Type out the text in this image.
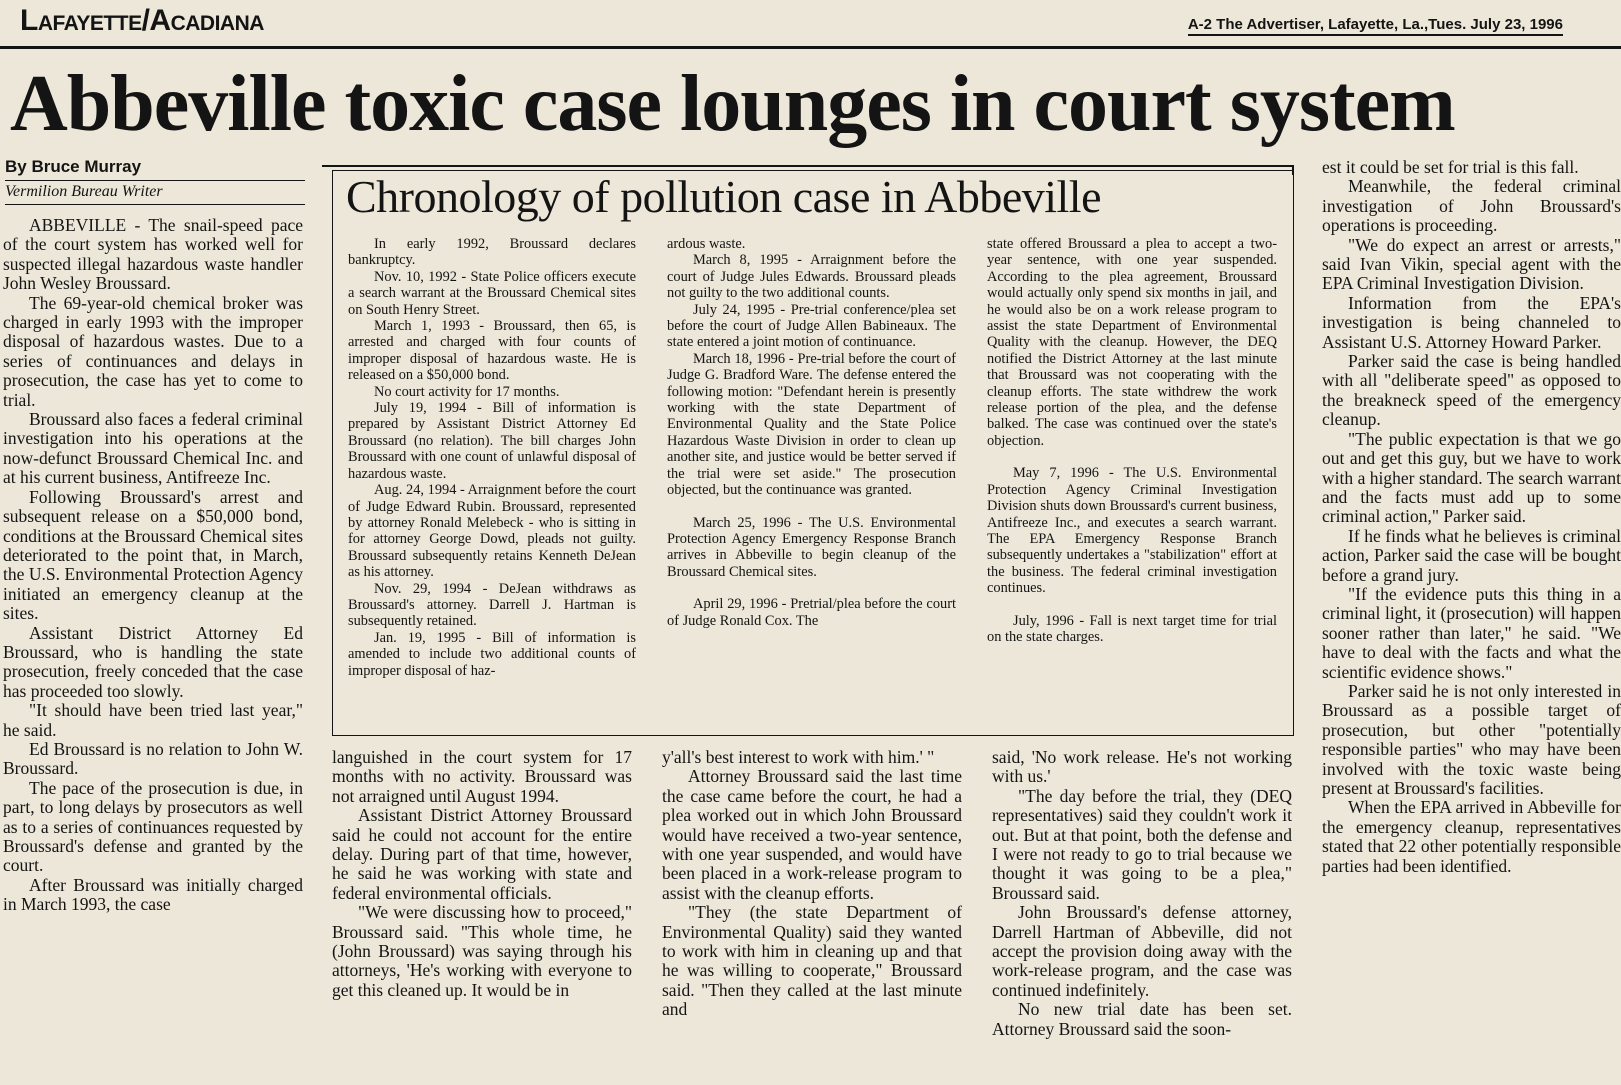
Lafayette/Acadiana	A-2 The Advertiser, Lafayette, La.,Tues. July 23, 1996
Abbeville toxic case lounges in court system
By Bruce Murray
Vermilion Bureau Writer

ABBEVILLE - The snail-speed pace of the court system has worked well for suspected illegal hazardous waste handler John Wesley Broussard.

The 69-year-old chemical broker was charged in early 1993 with the improper disposal of hazardous wastes. Due to a series of continuances and delays in prosecution, the case has yet to come to trial.

Broussard also faces a federal criminal investigation into his operations at the now-defunct Broussard Chemical Inc. and at his current business, Antifreeze Inc.

Following Broussard's arrest and subsequent release on a $50,000 bond, conditions at the Broussard Chemical sites deteriorated to the point that, in March, the U.S. Environmental Protection Agency initiated an emergency cleanup at the sites.

Assistant District Attorney Ed Broussard, who is handling the state prosecution, freely conceded that the case has proceeded too slowly.

"It should have been tried last year," he said.

Ed Broussard is no relation to John W. Broussard.

The pace of the prosecution is due, in part, to long delays by prosecutors as well as to a series of continuances requested by Broussard's defense and granted by the court.

After Broussard was initially charged in March 1993, the case

Chronology of pollution case in Abbeville

In early 1992, Broussard declares bankruptcy.

Nov. 10, 1992 - State Police officers execute a search warrant at the Broussard Chemical sites on South Henry Street.

March 1, 1993 - Broussard, then 65, is arrested and charged with four counts of improper disposal of hazardous waste. He is released on a $50,000 bond.

No court activity for 17 months.

July 19, 1994 - Bill of information is prepared by Assistant District Attorney Ed Broussard (no relation). The bill charges John Broussard with one count of unlawful disposal of hazardous waste.

Aug. 24, 1994 - Arraignment before the court of Judge Edward Rubin. Broussard, represented by attorney Ronald Melebeck - who is sitting in for attorney George Dowd, pleads not guilty. Broussard subsequently retains Kenneth DeJean as his attorney.

Nov. 29, 1994 - DeJean withdraws as Broussard's attorney. Darrell J. Hartman is subsequently retained.

Jan. 19, 1995 - Bill of information is amended to include two additional counts of improper disposal of haz-

ardous waste.

March 8, 1995 - Arraignment before the court of Judge Jules Edwards. Broussard pleads not guilty to the two additional counts.

July 24, 1995 - Pre-trial conference/plea set before the court of Judge Allen Babineaux. The state entered a joint motion of continuance.

March 18, 1996 - Pre-trial before the court of Judge G. Bradford Ware. The defense entered the following motion: "Defendant herein is presently working with the state Department of Environmental Quality and the State Police Hazardous Waste Division in order to clean up another site, and justice would be better served if the trial were set aside." The prosecution objected, but the continuance was granted.

March 25, 1996 - The U.S. Environmental Protection Agency Emergency Response Branch arrives in Abbeville to begin cleanup of the Broussard Chemical sites.

April 29, 1996 - Pretrial/plea before the court of Judge Ronald Cox. The

state offered Broussard a plea to accept a two-year sentence, with one year suspended. According to the plea agreement, Broussard would actually only spend six months in jail, and he would also be on a work release program to assist the state Department of Environmental Quality with the cleanup. However, the DEQ notified the District Attorney at the last minute that Broussard was not cooperating with the cleanup efforts. The state withdrew the work release portion of the plea, and the defense balked. The case was continued over the state's objection.

May 7, 1996 - The U.S. Environmental Protection Agency Criminal Investigation Division shuts down Broussard's current business, Antifreeze Inc., and executes a search warrant. The EPA Emergency Response Branch subsequently undertakes a "stabilization" effort at the business. The federal criminal investigation continues.

July, 1996 - Fall is next target time for trial on the state charges.

languished in the court system for 17 months with no activity. Broussard was not arraigned until August 1994.

Assistant District Attorney Broussard said he could not account for the entire delay. During part of that time, however, he said he was working with state and federal environmental officials.

"We were discussing how to proceed," Broussard said. "This whole time, he (John Broussard) was saying through his attorneys, 'He's working with everyone to get this cleaned up. It would be in

y'all's best interest to work with him.' "

Attorney Broussard said the last time the case came before the court, he had a plea worked out in which John Broussard would have received a two-year sentence, with one year suspended, and would have been placed in a work-release program to assist with the cleanup efforts.

"They (the state Department of Environmental Quality) said they wanted to work with him in cleaning up and that he was willing to cooperate," Broussard said. "Then they called at the last minute and

said, 'No work release. He's not working with us.'

"The day before the trial, they (DEQ representatives) said they couldn't work it out. But at that point, both the defense and I were not ready to go to trial because we thought it was going to be a plea," Broussard said.

John Broussard's defense attorney, Darrell Hartman of Abbeville, did not accept the provision doing away with the work-release program, and the case was continued indefinitely.

No new trial date has been set. Attorney Broussard said the soon-

est it could be set for trial is this fall.

Meanwhile, the federal criminal investigation of John Broussard's operations is proceeding.

"We do expect an arrest or arrests," said Ivan Vikin, special agent with the EPA Criminal Investigation Division.

Information from the EPA's investigation is being channeled to Assistant U.S. Attorney Howard Parker.

Parker said the case is being handled with all "deliberate speed" as opposed to the breakneck speed of the emergency cleanup.

"The public expectation is that we go out and get this guy, but we have to work with a higher standard. The search warrant and the facts must add up to some criminal action," Parker said.

If he finds what he believes is criminal action, Parker said the case will be bought before a grand jury.

"If the evidence puts this thing in a criminal light, it (prosecution) will happen sooner rather than later," he said. "We have to deal with the facts and what the scientific evidence shows."

Parker said he is not only interested in Broussard as a possible target of prosecution, but other "potentially responsible parties" who may have been involved with the toxic waste being present at Broussard's facilities.

When the EPA arrived in Abbeville for the emergency cleanup, representatives stated that 22 other potentially responsible parties had been identified.
